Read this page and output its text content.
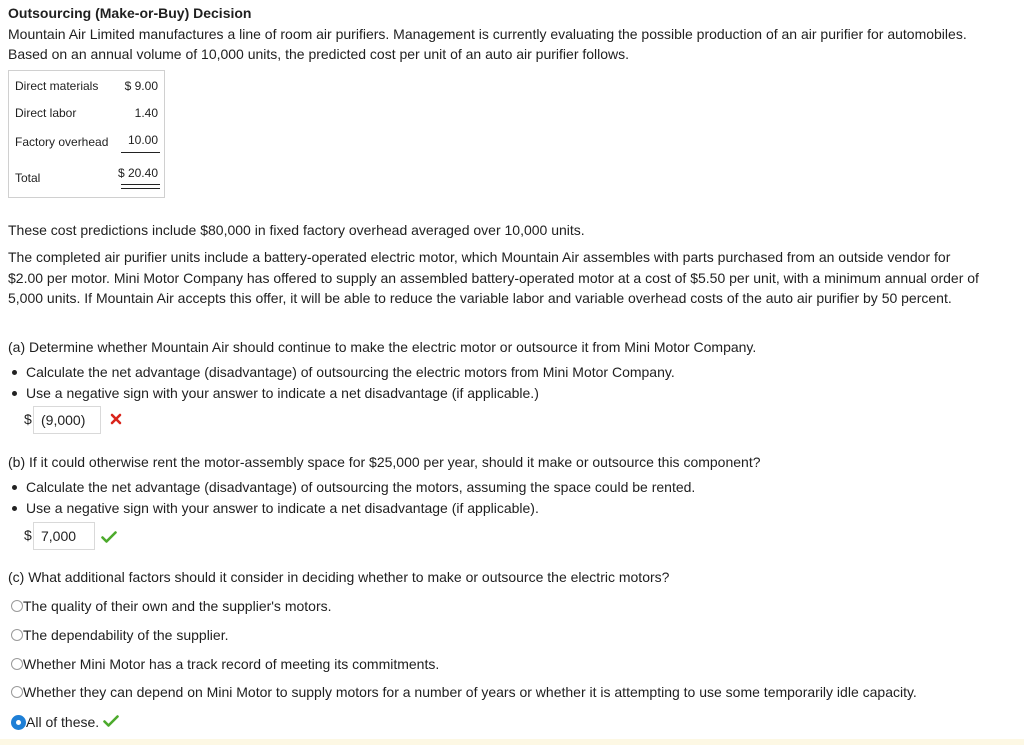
Outsourcing (Make-or-Buy) Decision
Mountain Air Limited manufactures a line of room air purifiers. Management is currently evaluating the possible production of an air purifier for automobiles.
Based on an annual volume of 10,000 units, the predicted cost per unit of an auto air purifier follows.
Direct materials $ 9.00
Direct labor	1.40
Factory overhead 10.00
Total	$ 20.40
These cost predictions include $80,000 in fixed factory overhead averaged over 10,000 units.
The completed air purifier units include a battery-operated electric motor, which Mountain Air assembles with parts purchased from an outside vendor for
$2.00 per motor. Mini Motor Company has offered to supply an assembled battery-operated motor at a cost of $5.50 per unit, with a minimum annual order of
5,000 units. If Mountain Air accepts this offer, it will be able to reduce the variable labor and variable overhead costs of the auto air purifier by 50 percent.
(a) Determine whether Mountain Air should continue to make the electric motor or outsource it from Mini Motor Company.
Calculate the net advantage (disadvantage) of outsourcing the electric motors from Mini Motor Company.
Use a negative sign with your answer to indicate a net disadvantage (if applicable.)
$ (9,000)
(b) If it could otherwise rent the motor-assembly space for $25,000 per year, should it make or outsource this component?
Calculate the net advantage (disadvantage) of outsourcing the motors, assuming the space could be rented.
Use a negative sign with your answer to indicate a net disadvantage (if applicable).
$ 7,000
(c) What additional factors should it consider in deciding whether to make or outsource the electric motors?
The quality of their own and the supplier's motors.
The dependability of the supplier.
Whether Mini Motor has a track record of meeting its commitments.
Whether they can depend on Mini Motor to supply motors for a number of years or whether it is attempting to use some temporarily idle capacity.
All of these.
